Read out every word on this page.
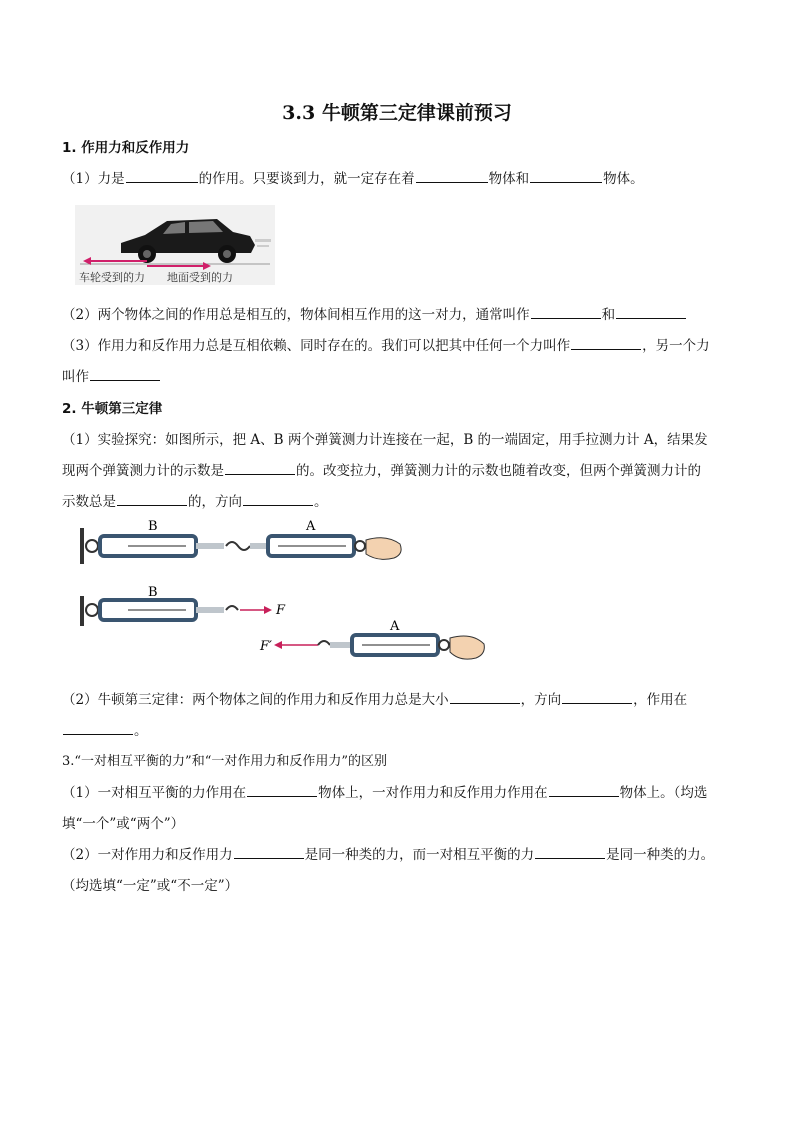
3.3 牛顿第三定律课前预习
1. 作用力和反作用力
（1）力是	的作用。只要谈到力，就一定存在着	物体和	物体。
车轮受到的力 地面受到的力
（2）两个物体之间的作用总是相互的，物体间相互作用的这一对力，通常叫作	和
（3）作用力和反作用力总是互相依赖、同时存在的。我们可以把其中任何一个力叫作	，另一个力
叫作
2. 牛顿第三定律
（1）实验探究：如图所示，把 A、B 两个弹簧测力计连接在一起，B 的一端固定，用手拉测力计 A，结果发
现两个弹簧测力计的示数是	的。改变拉力，弹簧测力计的示数也随着改变，但两个弹簧测力计的
示数总是	的，方向	。
B	A
B
F
A
F′
（2）牛顿第三定律：两个物体之间的作用力和反作用力总是大小	，方向	，作用在
。
3.“一对相互平衡的力”和“一对作用力和反作用力”的区别
（1）一对相互平衡的力作用在	物体上，一对作用力和反作用力作用在	物体上。（均选
填“一个”或“两个”）
（2）一对作用力和反作用力	是同一种类的力，而一对相互平衡的力	是同一种类的力。
（均选填“一定”或“不一定”）
